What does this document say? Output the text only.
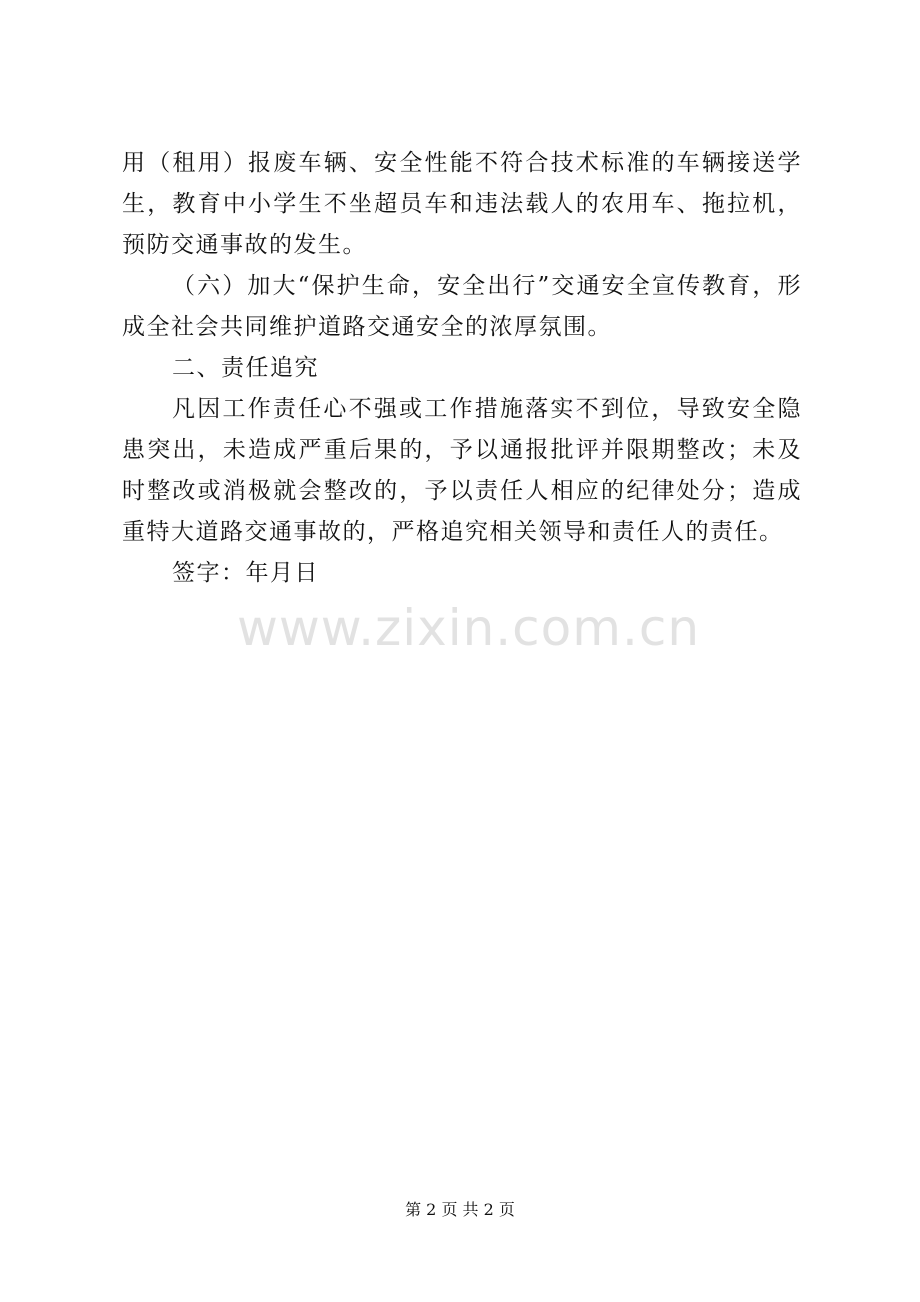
www.zixin.com.cn

用（租用）报废车辆、安全性能不符合技术标准的车辆接送学生，教育中小学生不坐超员车和违法载人的农用车、拖拉机，预防交通事故的发生。

（六）加大“保护生命，安全出行”交通安全宣传教育，形成全社会共同维护道路交通安全的浓厚氛围。

二、责任追究

凡因工作责任心不强或工作措施落实不到位，导致安全隐患突出，未造成严重后果的，予以通报批评并限期整改；未及时整改或消极就会整改的，予以责任人相应的纪律处分；造成重特大道路交通事故的，严格追究相关领导和责任人的责任。

签字：年月日

第 2 页 共 2 页
